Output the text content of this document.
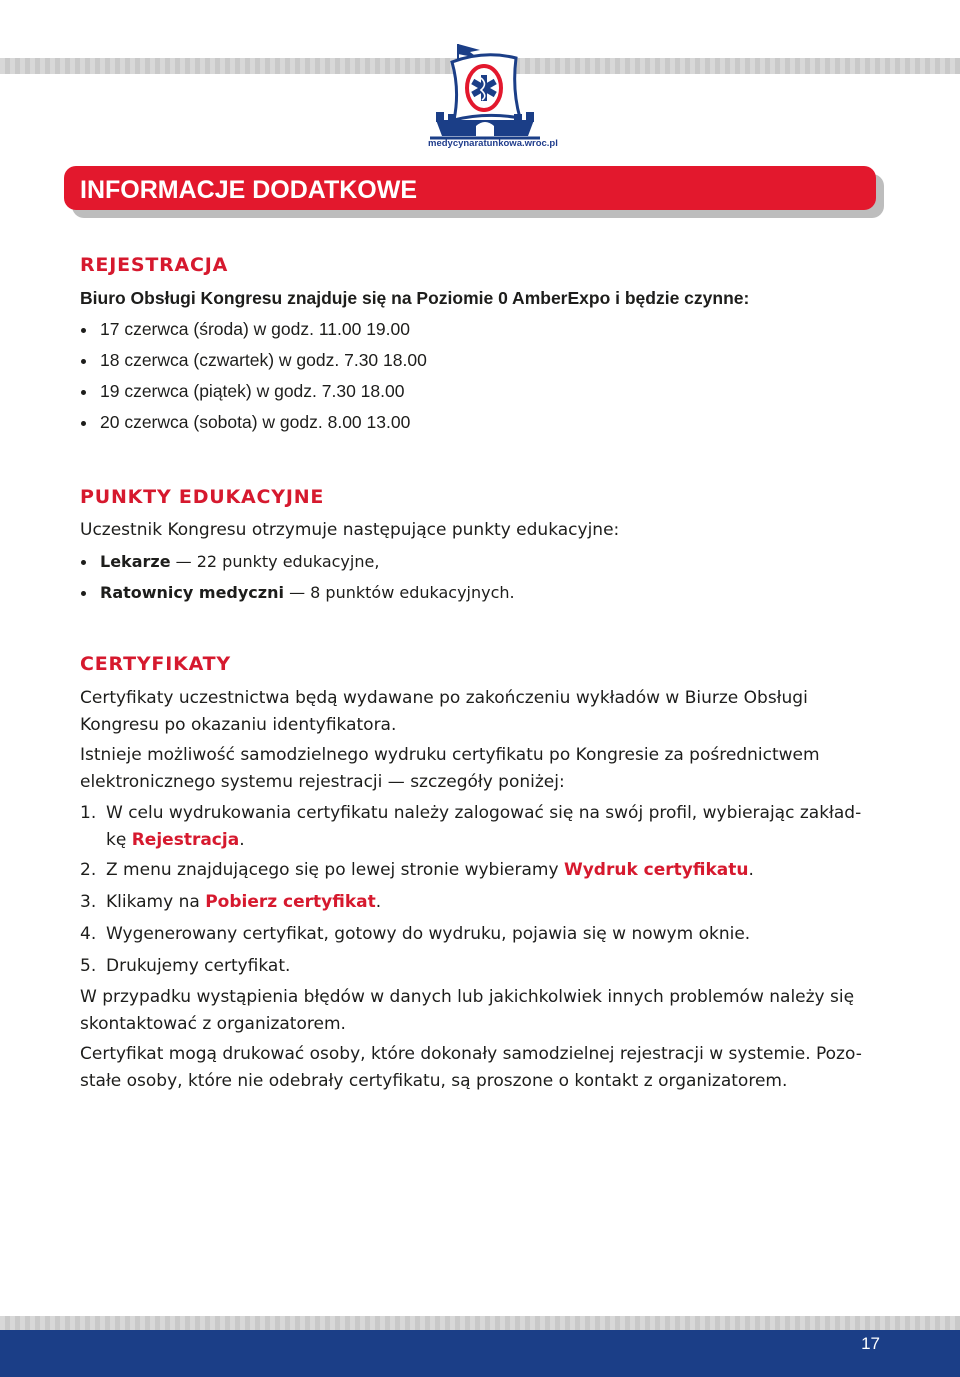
medycynaratunkowa.wroc.pl
INFORMACJE DODATKOWE
REJESTRACJA

Biuro Obsługi Kongresu znajduje się na Poziomie 0 AmberExpo i będzie czynne:

17 czerwca (środa) w godz. 11.00 19.00
18 czerwca (czwartek) w godz. 7.30 18.00
19 czerwca (piątek) w godz. 7.30 18.00
20 czerwca (sobota) w godz. 8.00 13.00
PUNKTY EDUKACYJNE

Uczestnik Kongresu otrzymuje następujące punkty edukacyjne:

Lekarze — 22 punkty edukacyjne,
Ratownicy medyczni — 8 punktów edukacyjnych.
CERTYFIKATY

Certyfikaty uczestnictwa będą wydawane po zakończeniu wykładów w Biurze Obsługi

Kongresu po okazaniu identyfikatora.

Istnieje możliwość samodzielnego wydruku certyfikatu po Kongresie za pośrednictwem

elektronicznego systemu rejestracji — szczegóły poniżej:

1. W celu wydrukowania certyfikatu należy zalogować się na swój profil, wybierając zakład-
kę Rejestracja.
2. Z menu znajdującego się po lewej stronie wybieramy Wydruk certyfikatu.
3. Klikamy na Pobierz certyfikat.
4. Wygenerowany certyfikat, gotowy do wydruku, pojawia się w nowym oknie.
5. Drukujemy certyfikat.

W przypadku wystąpienia błędów w danych lub jakichkolwiek innych problemów należy się

skontaktować z organizatorem.

Certyfikat mogą drukować osoby, które dokonały samodzielnej rejestracji w systemie. Pozo-

stałe osoby, które nie odebrały certyfikatu, są proszone o kontakt z organizatorem.

17
